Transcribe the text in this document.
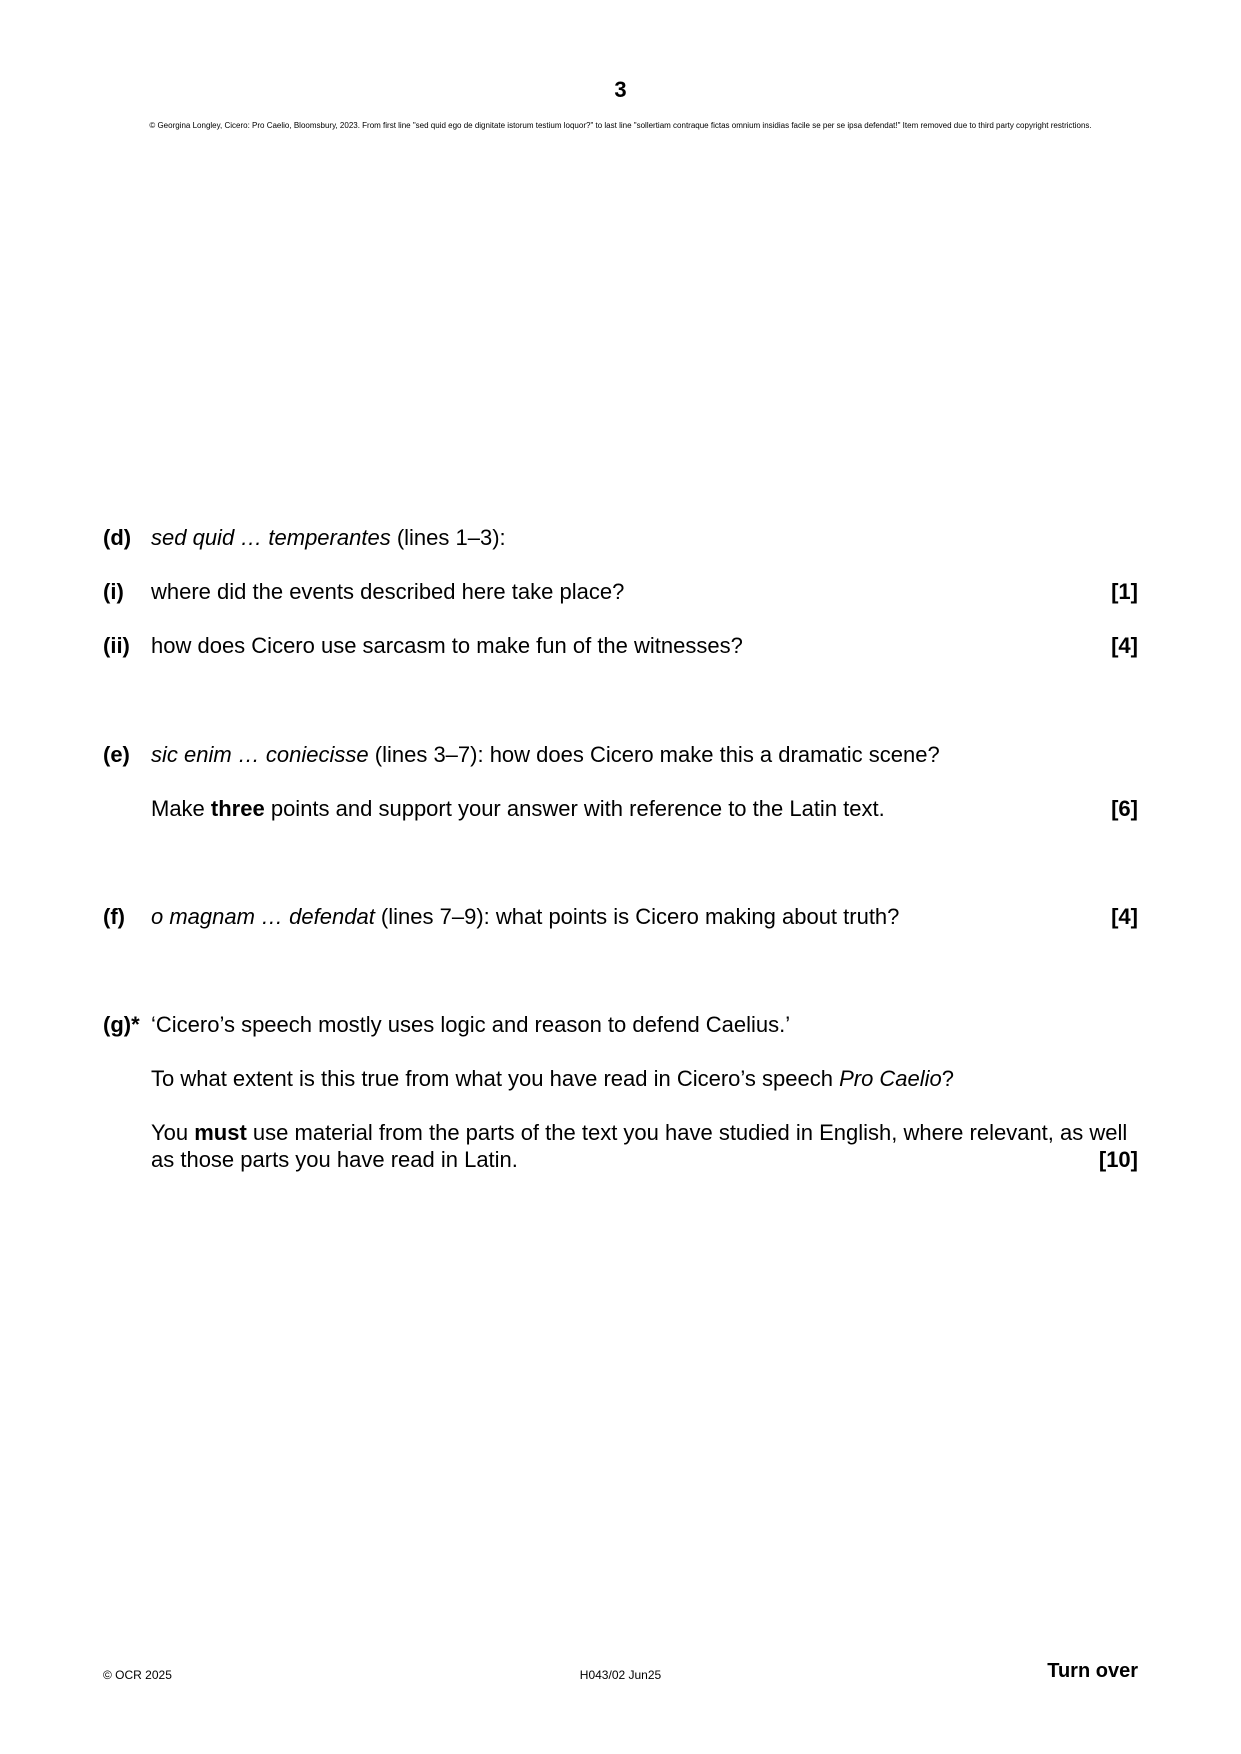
3
© Georgina Longley, Cicero: Pro Caelio, Bloomsbury, 2023. From first line "sed quid ego de dignitate istorum testium loquor?" to last line "sollertiam contraque fictas omnium insidias facile se per se ipsa defendat!" Item removed due to third party copyright restrictions.
(d) sed quid … temperantes (lines 1–3):
(i) where did the events described here take place?	[1]
(ii) how does Cicero use sarcasm to make fun of the witnesses?	[4]
(e) sic enim … coniecisse (lines 3–7): how does Cicero make this a dramatic scene?
Make three points and support your answer with reference to the Latin text.	[6]
(f) o magnam … defendat (lines 7–9): what points is Cicero making about truth?	[4]
(g)* ‘Cicero’s speech mostly uses logic and reason to defend Caelius.’
To what extent is this true from what you have read in Cicero’s speech Pro Caelio?
You must use material from the parts of the text you have studied in English, where relevant, as well as those parts you have read in Latin.	[10]
© OCR 2025	H043/02 Jun25	Turn over
